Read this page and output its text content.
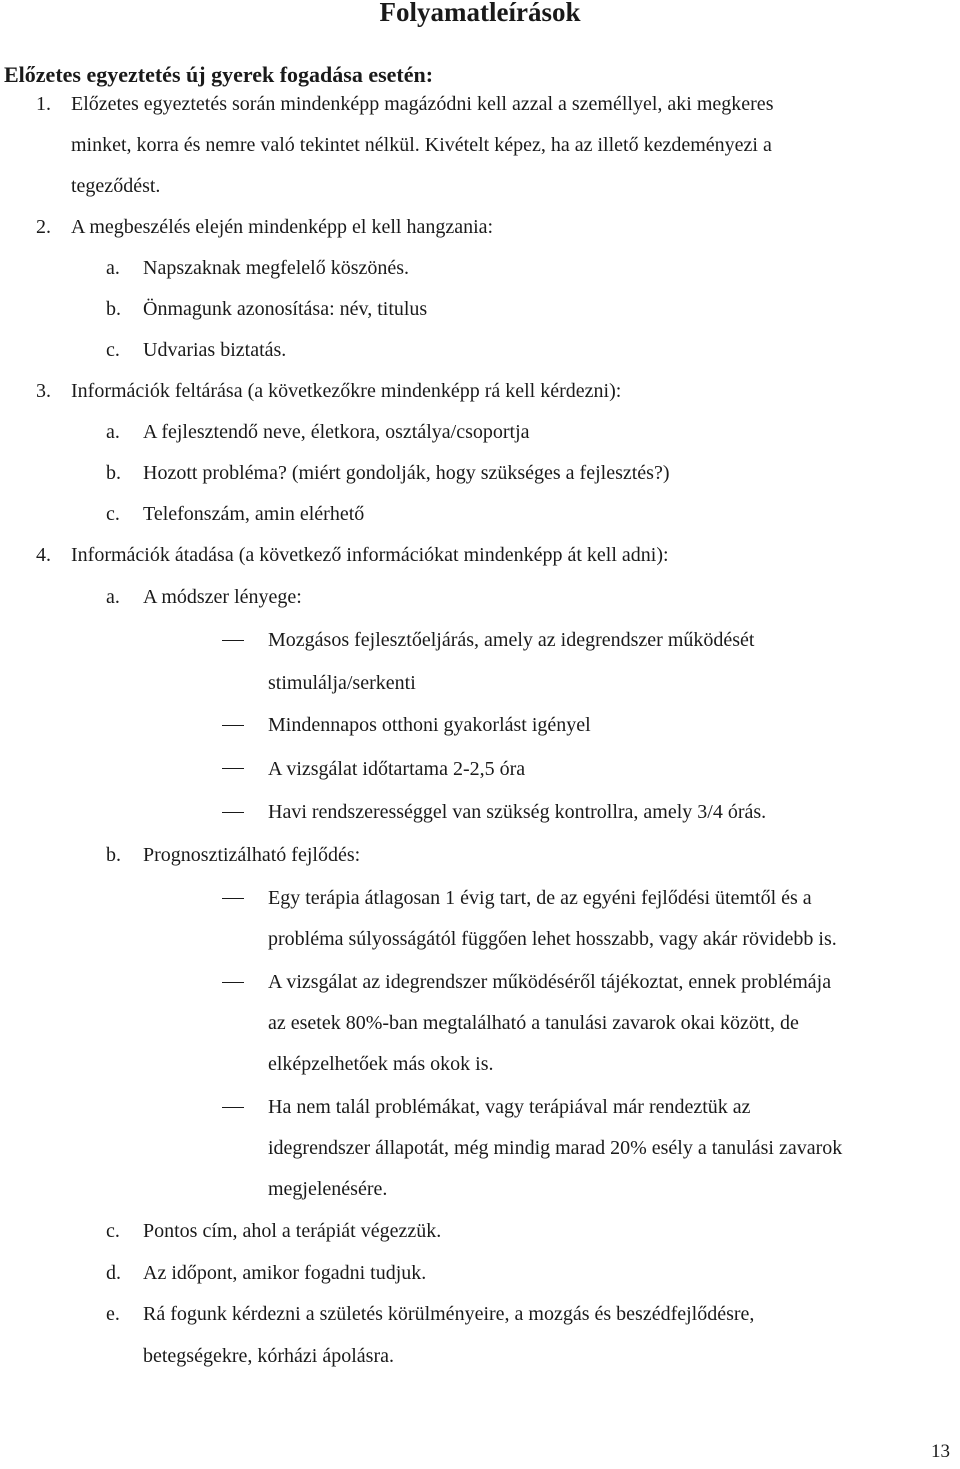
Folyamatleírások
Előzetes egyeztetés új gyerek fogadása esetén:
1. Előzetes egyeztetés során mindenképp magázódni kell azzal a személlyel, aki megkeres
minket, korra és nemre való tekintet nélkül. Kivételt képez, ha az illető kezdeményezi a
tegeződést.
2. A megbeszélés elején mindenképp el kell hangzania:
a. Napszaknak megfelelő köszönés.
b. Önmagunk azonosítása: név, titulus
c. Udvarias biztatás.
3. Információk feltárása (a következőkre mindenképp rá kell kérdezni):
a. A fejlesztendő neve, életkora, osztálya/csoportja
b. Hozott probléma? (miért gondolják, hogy szükséges a fejlesztés?)
c. Telefonszám, amin elérhető
4. Információk átadása (a következő információkat mindenképp át kell adni):
a. A módszer lényege:
Mozgásos fejlesztőeljárás, amely az idegrendszer működését
stimulálja/serkenti
Mindennapos otthoni gyakorlást igényel
A vizsgálat időtartama 2-2,5 óra
Havi rendszerességgel van szükség kontrollra, amely 3/4 órás.
b. Prognosztizálható fejlődés:
Egy terápia átlagosan 1 évig tart, de az egyéni fejlődési ütemtől és a
probléma súlyosságától függően lehet hosszabb, vagy akár rövidebb is.
A vizsgálat az idegrendszer működéséről tájékoztat, ennek problémája
az esetek 80%-ban megtalálható a tanulási zavarok okai között, de
elképzelhetőek más okok is.
Ha nem talál problémákat, vagy terápiával már rendeztük az
idegrendszer állapotát, még mindig marad 20% esély a tanulási zavarok
megjelenésére.
c. Pontos cím, ahol a terápiát végezzük.
d. Az időpont, amikor fogadni tudjuk.
e. Rá fogunk kérdezni a születés körülményeire, a mozgás és beszédfejlődésre,
betegségekre, kórházi ápolásra.
13
